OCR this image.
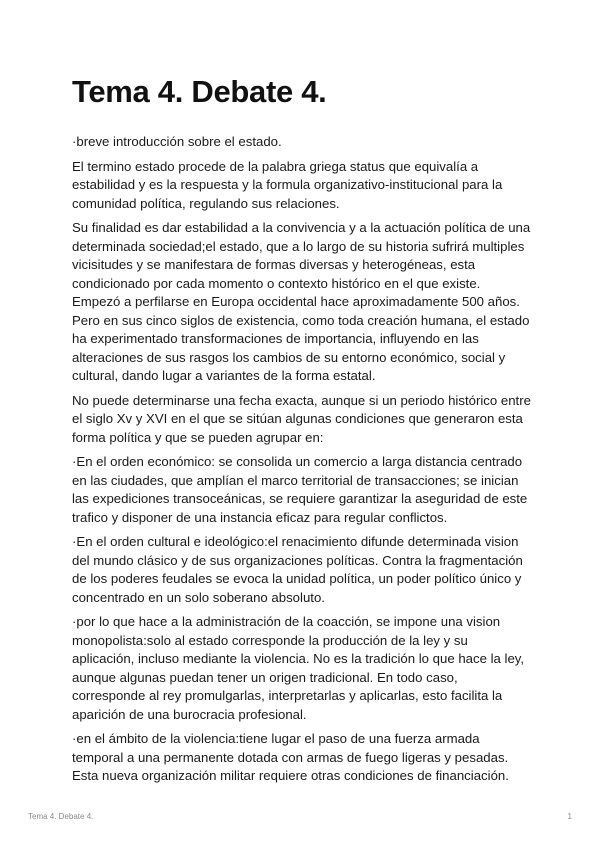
Tema 4. Debate 4.

·breve introducción sobre el estado.

El termino estado procede de la palabra griega status que equivalía a estabilidad y es la respuesta y la formula organizativo-institucional para la comunidad política, regulando sus relaciones.

Su finalidad es dar estabilidad a la convivencia y a la actuación política de una determinada sociedad;el estado, que a lo largo de su historia sufrirá multiples vicisitudes y se manifestara de formas diversas y heterogéneas, esta condicionado por cada momento o contexto histórico en el que existe. Empezó a perfilarse en Europa occidental hace aproximadamente 500 años. Pero en sus cinco siglos de existencia, como toda creación humana, el estado ha experimentado transformaciones de importancia, influyendo en las alteraciones de sus rasgos los cambios de su entorno económico, social y cultural, dando lugar a variantes de la forma estatal.

No puede determinarse una fecha exacta, aunque si un periodo histórico entre el siglo Xv y XVI en el que se sitúan algunas condiciones que generaron esta forma política y que se pueden agrupar en:

·En el orden económico: se consolida un comercio a larga distancia centrado en las ciudades, que amplían el marco territorial de transacciones; se inician las expediciones transoceánicas, se requiere garantizar la aseguridad de este trafico y disponer de una instancia eficaz para regular conflictos.

·En el orden cultural e ideológico:el renacimiento difunde determinada vision del mundo clásico y de sus organizaciones políticas. Contra la fragmentación de los poderes feudales se evoca la unidad política, un poder político único y concentrado en un solo soberano absoluto.

·por lo que hace a la administración de la coacción, se impone una vision monopolista:solo al estado corresponde la producción de la ley y su aplicación, incluso mediante la violencia. No es la tradición lo que hace la ley, aunque algunas puedan tener un origen tradicional. En todo caso, corresponde al rey promulgarlas, interpretarlas y aplicarlas, esto facilita la aparición de una burocracia profesional.

·en el ámbito de la violencia:tiene lugar el paso de una fuerza armada temporal a una permanente dotada con armas de fuego ligeras y pesadas. Esta nueva organización militar requiere otras condiciones de financiación.

Tema 4. Debate 4.	1
